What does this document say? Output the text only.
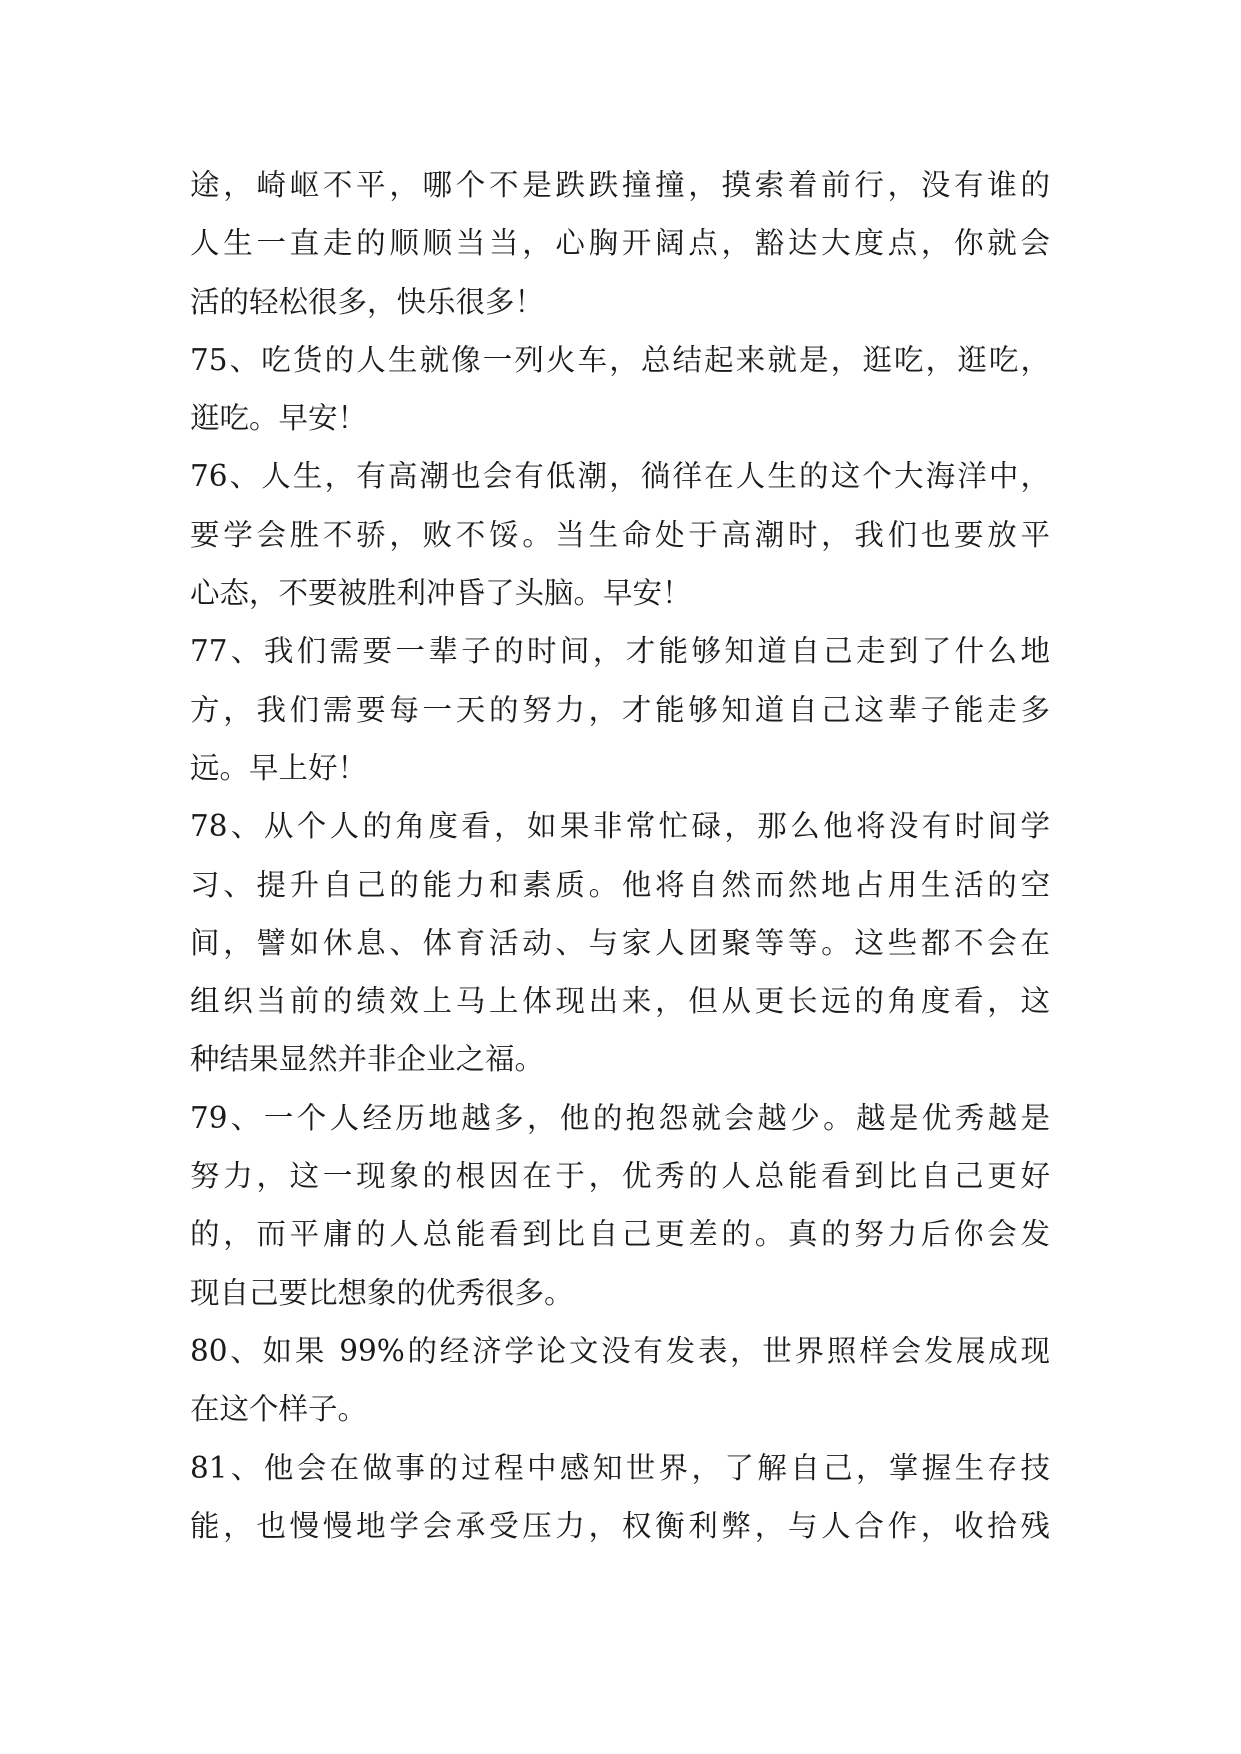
途，崎岖不平，哪个不是跌跌撞撞，摸索着前行，没有谁的
人生一直走的顺顺当当，心胸开阔点，豁达大度点，你就会
活的轻松很多，快乐很多！
75、吃货的人生就像一列火车，总结起来就是，逛吃，逛吃，
逛吃。早安！
76、人生，有高潮也会有低潮，徜徉在人生的这个大海洋中，
要学会胜不骄，败不馁。当生命处于高潮时，我们也要放平
心态，不要被胜利冲昏了头脑。早安！
77、我们需要一辈子的时间，才能够知道自己走到了什么地
方，我们需要每一天的努力，才能够知道自己这辈子能走多
远。早上好！
78、从个人的角度看，如果非常忙碌，那么他将没有时间学
习、提升自己的能力和素质。他将自然而然地占用生活的空
间，譬如休息、体育活动、与家人团聚等等。这些都不会在
组织当前的绩效上马上体现出来，但从更长远的角度看，这
种结果显然并非企业之福。
79、一个人经历地越多，他的抱怨就会越少。越是优秀越是
努力，这一现象的根因在于，优秀的人总能看到比自己更好
的，而平庸的人总能看到比自己更差的。真的努力后你会发
现自己要比想象的优秀很多。
80、如果 99%的经济学论文没有发表，世界照样会发展成现
在这个样子。
81、他会在做事的过程中感知世界，了解自己，掌握生存技
能，也慢慢地学会承受压力，权衡利弊，与人合作，收拾残
